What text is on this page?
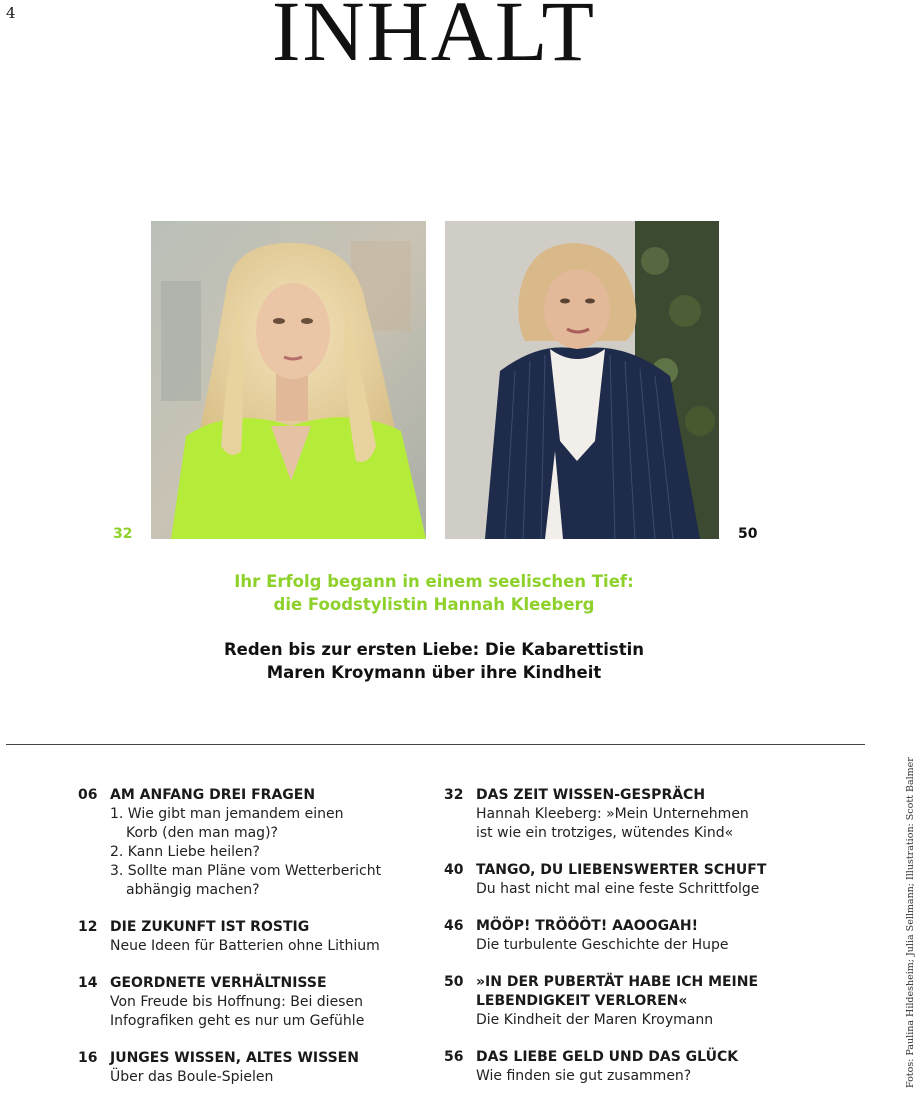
4	INHALT
32	50
Ihr Erfolg begann in einem seelischen Tief:
die Foodstylistin Hannah Kleeberg
Reden bis zur ersten Liebe: Die Kabarettistin
Maren Kroymann über ihre Kindheit
06 AM ANFANG DREI FRAGEN
1. Wie gibt man jemandem einen
Korb (den man mag)?
2. Kann Liebe heilen?
3. Sollte man Pläne vom Wetterbericht
abhängig machen?
12 DIE ZUKUNFT IST ROSTIG
Neue Ideen für Batterien ohne Lithium
14 GEORDNETE VERHÄLTNISSE
Von Freude bis Hoffnung: Bei diesen
Infografiken geht es nur um Gefühle
16 JUNGES WISSEN, ALTES WISSEN
Über das Boule-Spielen
32 DAS ZEIT WISSEN-GESPRÄCH
Hannah Kleeberg: »Mein Unternehmen
ist wie ein trotziges, wütendes Kind«
40 TANGO, DU LIEBENSWERTER SCHUFT
Du hast nicht mal eine feste Schrittfolge
46 MÖÖP! TRÖÖÖT! AAOOGAH!
Die turbulente Geschichte der Hupe
50 »IN DER PUBERTÄT HABE ICH MEINE
LEBENDIGKEIT VERLOREN«
Die Kindheit der Maren Kroymann
56 DAS LIEBE GELD UND DAS GLÜCK
Wie finden sie gut zusammen?	Fotos: Paulina Hildesheim; Julia Sellmann; Illustration: Scott Balmer
